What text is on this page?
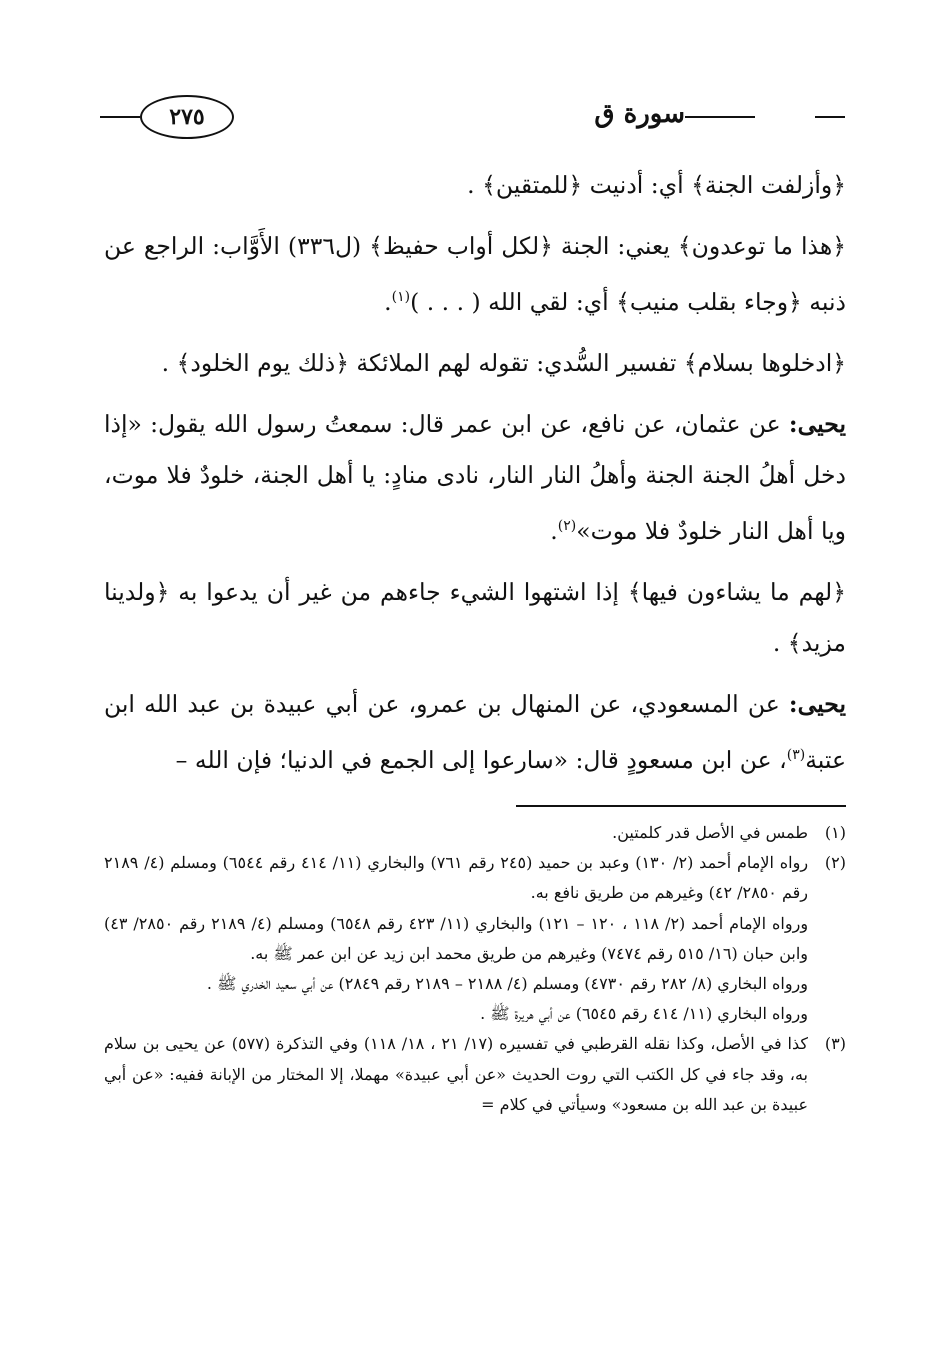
سورة ق
٢٧٥

﴿وأزلفت الجنة﴾ أي: أدنيت ﴿للمتقين﴾ .

﴿هذا ما توعدون﴾ يعني: الجنة ﴿لكل أواب حفيظ﴾ (ل٣٣٦) الأَوَّاب: الراجع عن ذنبه ﴿وجاء بقلب منيب﴾ أي: لقي الله ( . . . )$^{(١)}$.

﴿ادخلوها بسلام﴾ تفسير السُّدي: تقوله لهم الملائكة ﴿ذلك يوم الخلود﴾ .

يحيى: عن عثمان، عن نافع، عن ابن عمر قال: سمعتُ رسول الله يقول: «إذا دخل أهلُ الجنة الجنة وأهلُ النار النار، نادى منادٍ: يا أهل الجنة، خلودٌ فلا موت، ويا أهل النار خلودٌ فلا موت»$^{(٢)}$.

﴿لهم ما يشاءون فيها﴾ إذا اشتهوا الشيء جاءهم من غير أن يدعوا به ﴿ولدينا مزيد﴾ .

يحيى: عن المسعودي، عن المنهال بن عمرو، عن أبي عبيدة بن عبد الله ابن عتبة$^{(٣)}$، عن ابن مسعودٍ قال: «سارعوا إلى الجمع في الدنيا؛ فإن الله –

(١)
طمس في الأصل قدر كلمتين.
(٢)

رواه الإمام أحمد (٢/ ١٣٠) وعبد بن حميد (٢٤٥ رقم ٧٦١) والبخاري (١١/ ٤١٤ رقم ٦٥٤٤) ومسلم (٤/ ٢١٨٩ رقم ٢٨٥٠/ ٤٢) وغيرهم من طريق نافع به.

ورواه الإمام أحمد (٢/ ١١٨ ، ١٢٠ – ١٢١) والبخاري (١١/ ٤٢٣ رقم ٦٥٤٨) ومسلم (٤/ ٢١٨٩ رقم ٢٨٥٠/ ٤٣) وابن حبان (١٦/ ٥١٥ رقم ٧٤٧٤) وغيرهم من طريق محمد ابن زيد عن ابن عمر ﷺ به.

ورواه البخاري (٨/ ٢٨٢ رقم ٤٧٣٠) ومسلم (٤/ ٢١٨٨ – ٢١٨٩ رقم ٢٨٤٩) عن أبي سعيد الخدري ﷺ .

ورواه البخاري (١١/ ٤١٤ رقم ٦٥٤٥) عن أبي هريرة ﷺ .

(٣)
كذا في الأصل، وكذا نقله القرطبي في تفسيره (١٧/ ٢١ ، ١٨/ ١١٨) وفي التذكرة (٥٧٧) عن يحيى بن سلام به، وقد جاء في كل الكتب التي روت الحديث «عن أبي عبيدة» مهملا، إلا المختار من الإبانة ففيه: «عن أبي عبيدة بن عبد الله بن مسعود» وسيأتي في كلام =
